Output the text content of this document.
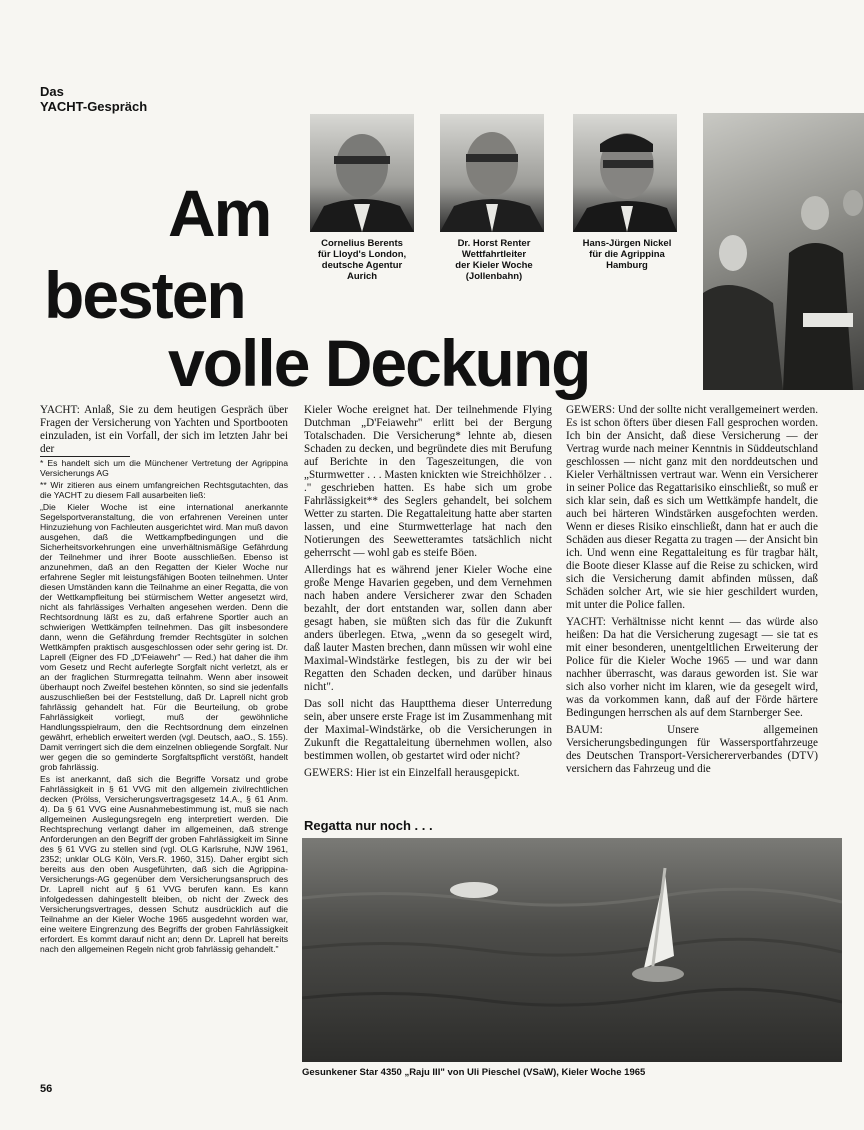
Das
YACHT-Gespräch
Am
besten
volle Deckung
Cornelius Berents
für Lloyd's London,
deutsche Agentur
Aurich
Dr. Horst Renter
Wettfahrtleiter
der Kieler Woche
(Jollenbahn)
Hans-Jürgen Nickel
für die Agrippina
Hamburg

YACHT: Anlaß, Sie zu dem heutigen Gespräch über Fragen der Versicherung von Yachten und Sportbooten einzuladen, ist ein Vorfall, der sich im letzten Jahr bei der

* Es handelt sich um die Münchener Vertretung der Agrippina Versicherungs AG

** Wir zitieren aus einem umfangreichen Rechtsgutachten, das die YACHT zu diesem Fall ausarbeiten ließ:

„Die Kieler Woche ist eine international anerkannte Segelsportveranstaltung, die von erfahrenen Vereinen unter Hinzuziehung von Fachleuten ausgerichtet wird. Man muß davon ausgehen, daß die Wettkampfbedingungen und die Sicherheitsvorkehrungen eine unverhältnismäßige Gefährdung der Teilnehmer und ihrer Boote ausschließen. Ebenso ist anzunehmen, daß an den Regatten der Kieler Woche nur erfahrene Segler mit leistungsfähigen Booten teilnehmen. Unter diesen Umständen kann die Teilnahme an einer Regatta, die von der Wettkampfleitung bei stürmischem Wetter angesetzt wird, nicht als fahrlässiges Verhalten angesehen werden. Denn die Rechtsordnung läßt es zu, daß erfahrene Sportler auch an schwierigen Wettkämpfen teilnehmen. Das gilt insbesondere dann, wenn die Gefährdung fremder Rechtsgüter in solchen Wettkämpfen praktisch ausgeschlossen oder sehr gering ist. Dr. Laprell (Eigner des FD „D'Feiawehr" — Red.) hat daher die ihm vom Gesetz und Recht auferlegte Sorgfalt nicht verletzt, als er an der fraglichen Sturmregatta teilnahm. Wenn aber insoweit überhaupt noch Zweifel bestehen könnten, so sind sie jedenfalls auszuschließen bei der Feststellung, daß Dr. Laprell nicht grob fahrlässig gehandelt hat. Für die Beurteilung, ob grobe Fahrlässigkeit vorliegt, muß der gewöhnliche Handlungsspielraum, den die Rechtsordnung dem einzelnen gewährt, erheblich erweitert werden (vgl. Deutsch, aaO., S. 155). Damit verringert sich die dem einzelnen obliegende Sorgfalt. Nur wer gegen die so geminderte Sorgfaltspflicht verstößt, handelt grob fahrlässig.

Es ist anerkannt, daß sich die Begriffe Vorsatz und grobe Fahrlässigkeit in § 61 VVG mit den allgemein zivilrechtlichen decken (Prölss, Versicherungsvertragsgesetz 14.A., § 61 Anm. 4). Da § 61 VVG eine Ausnahmebestimmung ist, muß sie nach allgemeinen Auslegungsregeln eng interpretiert werden. Die Rechtsprechung verlangt daher im allgemeinen, daß strenge Anforderungen an den Begriff der groben Fahrlässigkeit im Sinne des § 61 VVG zu stellen sind (vgl. OLG Karlsruhe, NJW 1961, 2352; unklar OLG Köln, Vers.R. 1960, 315). Daher ergibt sich bereits aus den oben Ausgeführten, daß sich die Agrippina-Versicherungs-AG gegenüber dem Versicherungsanspruch des Dr. Laprell nicht auf § 61 VVG berufen kann. Es kann infolgedessen dahingestellt bleiben, ob nicht der Zweck des Versicherungsvertrages, dessen Schutz ausdrücklich auf die Teilnahme an der Kieler Woche 1965 ausgedehnt worden war, eine weitere Eingrenzung des Begriffs der groben Fahrlässigkeit erfordert. Es kommt darauf nicht an; denn Dr. Laprell hat bereits nach den allgemeinen Regeln nicht grob fahrlässig gehandelt."

Kieler Woche ereignet hat. Der teilnehmende Flying Dutchman „D'Feiawehr" erlitt bei der Bergung Totalschaden. Die Versicherung* lehnte ab, diesen Schaden zu decken, und begründete dies mit Berufung auf Berichte in den Tageszeitungen, die von „Sturmwetter . . . Masten knickten wie Streichhölzer . . ." geschrieben hatten. Es habe sich um grobe Fahrlässigkeit** des Seglers gehandelt, bei solchem Wetter zu starten. Die Regattaleitung hatte aber starten lassen, und eine Sturmwetterlage hat nach den Notierungen des Seewetteramtes tatsächlich nicht geherrscht — wohl gab es steife Böen.

Allerdings hat es während jener Kieler Woche eine große Menge Havarien gegeben, und dem Vernehmen nach haben andere Versicherer zwar den Schaden bezahlt, der dort entstanden war, sollen dann aber gesagt haben, sie müßten sich das für die Zukunft anders überlegen. Etwa, „wenn da so gesegelt wird, daß lauter Masten brechen, dann müssen wir wohl eine Maximal-Windstärke festlegen, bis zu der wir bei Regatten den Schaden decken, und darüber hinaus nicht".

Das soll nicht das Hauptthema dieser Unterredung sein, aber unsere erste Frage ist im Zusammenhang mit der Maximal-Windstärke, ob die Versicherungen in Zukunft die Regattaleitung übernehmen wollen, also bestimmen wollen, ob gestartet wird oder nicht?

GEWERS: Hier ist ein Einzelfall herausgepickt.

GEWERS: Und der sollte nicht verallgemeinert werden. Es ist schon öfters über diesen Fall gesprochen worden. Ich bin der Ansicht, daß diese Versicherung — der Vertrag wurde nach meiner Kenntnis in Süddeutschland geschlossen — nicht ganz mit den norddeutschen und Kieler Verhältnissen vertraut war. Wenn ein Versicherer in seiner Police das Regattarisiko einschließt, so muß er sich klar sein, daß es sich um Wettkämpfe handelt, die auch bei härteren Windstärken ausgefochten werden. Wenn er dieses Risiko einschließt, dann hat er auch die Schäden aus dieser Regatta zu tragen — der Ansicht bin ich. Und wenn eine Regattaleitung es für tragbar hält, die Boote dieser Klasse auf die Reise zu schicken, wird sich die Versicherung damit abfinden müssen, daß Schäden solcher Art, wie sie hier geschildert wurden, mit unter die Police fallen.

YACHT: Verhältnisse nicht kennt — das würde also heißen: Da hat die Versicherung zugesagt — sie tat es mit einer besonderen, unentgeltlichen Erweiterung der Police für die Kieler Woche 1965 — und war dann nachher überrascht, was daraus geworden ist. Sie war sich also vorher nicht im klaren, wie da gesegelt wird, was da vorkommen kann, daß auf der Förde härtere Bedingungen herrschen als auf dem Starnberger See.

BAUM: Unsere allgemeinen Versicherungsbedingungen für Wassersportfahrzeuge des Deutschen Transport-Versichererverbandes (DTV) versichern das Fahrzeug und die

Regatta nur noch . . .
Gesunkener Star 4350 „Raju III" von Uli Pieschel (VSaW), Kieler Woche 1965
56
